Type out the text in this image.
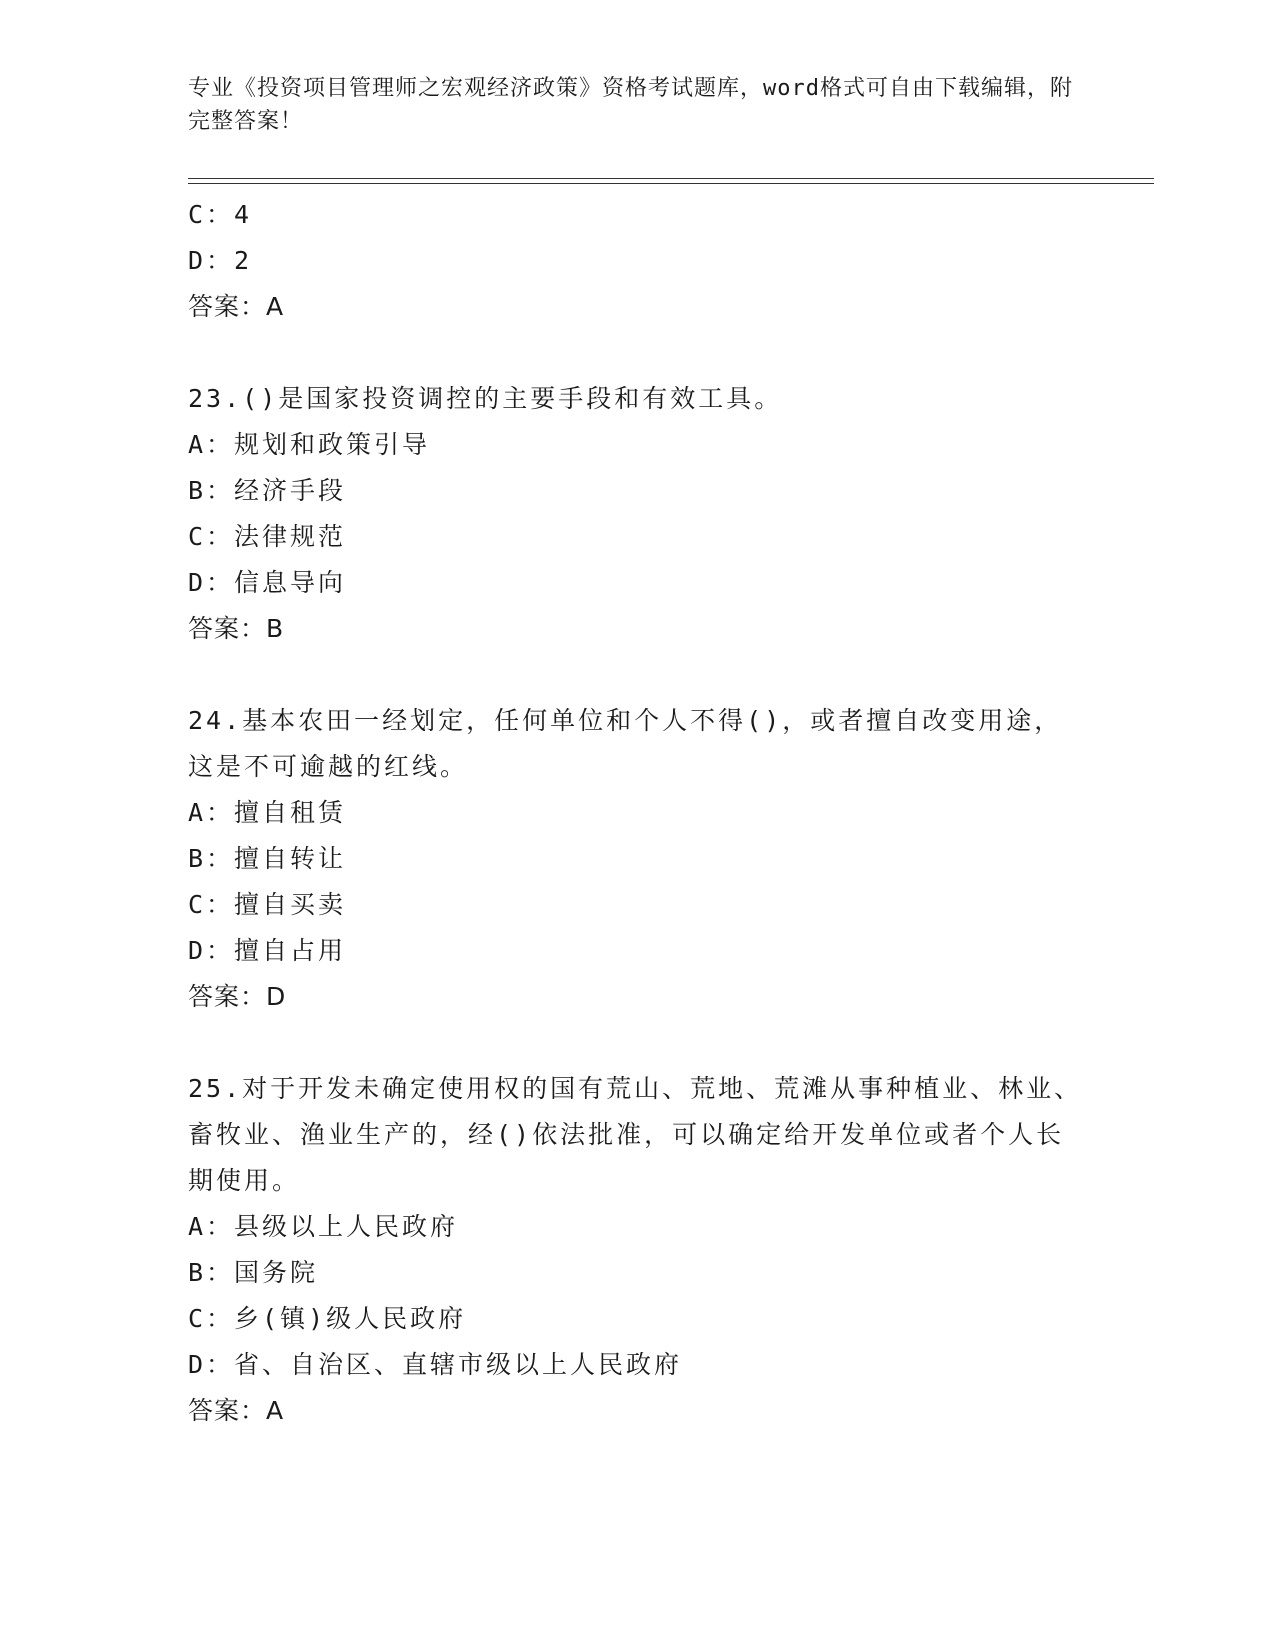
专业《投资项目管理师之宏观经济政策》资格考试题库，word格式可自由下载编辑，附完整答案！
C：4
D：2
答案：A
23.()是国家投资调控的主要手段和有效工具。
A：规划和政策引导
B：经济手段
C：法律规范
D：信息导向
答案：B
24.基本农田一经划定，任何单位和个人不得()，或者擅自改变用途，这是不可逾越的红线。
A：擅自租赁
B：擅自转让
C：擅自买卖
D：擅自占用
答案：D
25.对于开发未确定使用权的国有荒山、荒地、荒滩从事种植业、林业、畜牧业、渔业生产的，经()依法批准，可以确定给开发单位或者个人长期使用。
A：县级以上人民政府
B：国务院
C：乡(镇)级人民政府
D：省、自治区、直辖市级以上人民政府
答案：A
